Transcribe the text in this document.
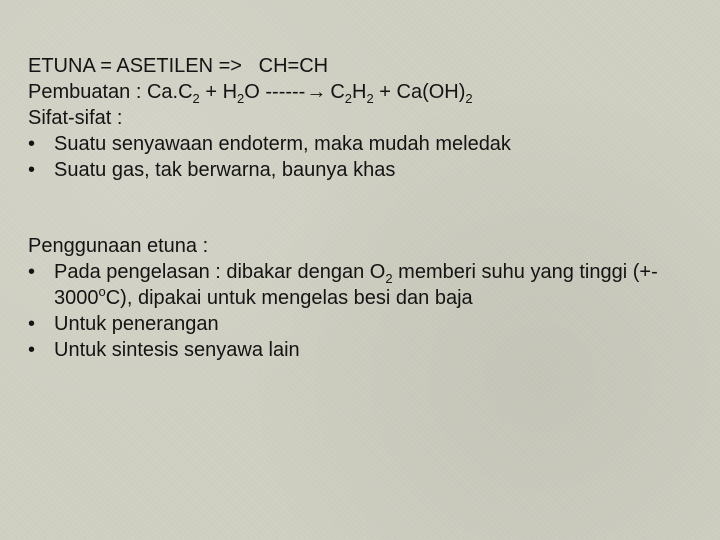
ETUNA = ASETILEN => CH=CH
Pembuatan : $Ca.C_2 + H_2O$ ------→ $C_2H_2 + Ca(OH)_2$
Sifat-sifat :
• Suatu senyawaan endoterm, maka mudah meledak
• Suatu gas, tak berwarna, baunya khas
Penggunaan etuna :
• Pada pengelasan : dibakar dengan $O_2$ memberi suhu yang tinggi (+- 3000$^o$C), dipakai untuk mengelas besi dan baja
• Untuk penerangan
• Untuk sintesis senyawa lain
